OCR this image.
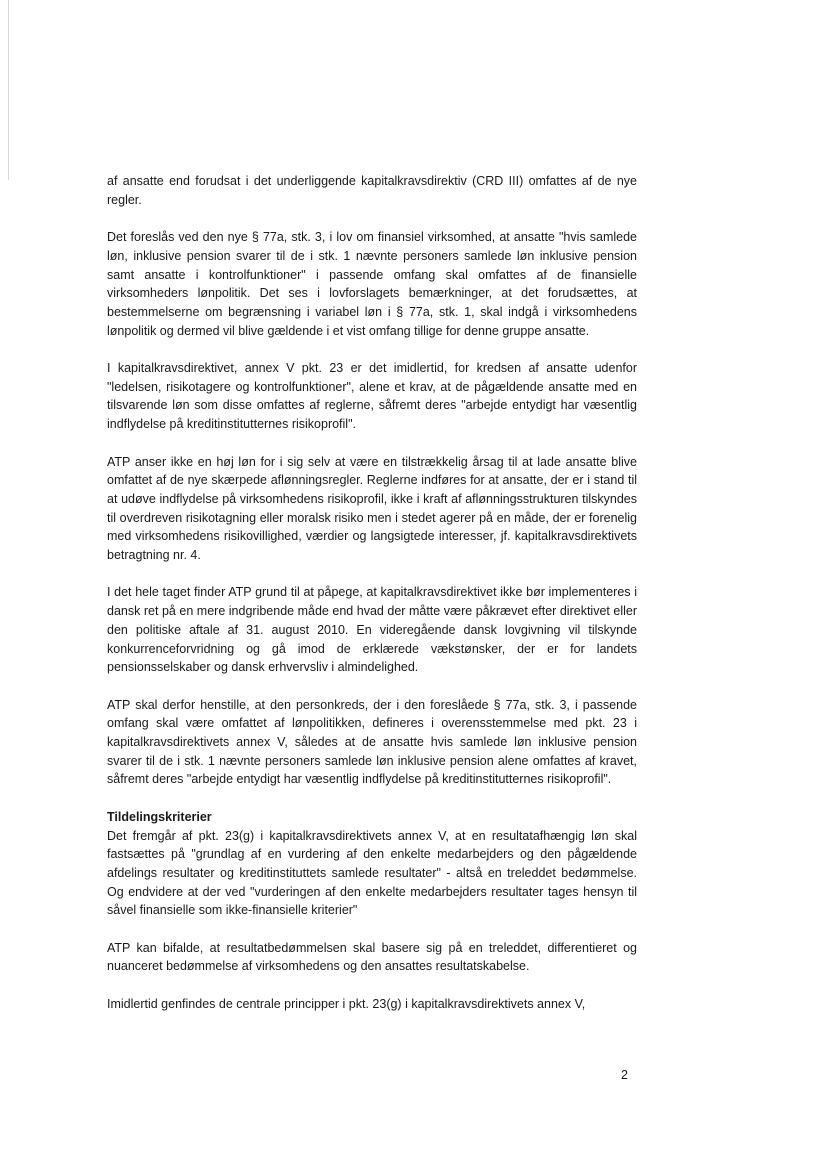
af ansatte end forudsat i det underliggende kapitalkravsdirektiv (CRD III) omfattes af de nye regler.

Det foreslås ved den nye § 77a, stk. 3, i lov om finansiel virksomhed, at ansatte "hvis samlede løn, inklusive pension svarer til de i stk. 1 nævnte personers samlede løn inklusive pension samt ansatte i kontrolfunktioner" i passende omfang skal omfattes af de finansielle virksomheders lønpolitik. Det ses i lovforslagets bemærkninger, at det forudsættes, at bestemmelserne om begrænsning i variabel løn i § 77a, stk. 1, skal indgå i virksomhedens lønpolitik og dermed vil blive gældende i et vist omfang tillige for denne gruppe ansatte.

I kapitalkravsdirektivet, annex V pkt. 23 er det imidlertid, for kredsen af ansatte udenfor "ledelsen, risikotagere og kontrolfunktioner", alene et krav, at de pågældende ansatte med en tilsvarende løn som disse omfattes af reglerne, såfremt deres "arbejde entydigt har væsentlig indflydelse på kreditinstitutternes risikoprofil".

ATP anser ikke en høj løn for i sig selv at være en tilstrækkelig årsag til at lade ansatte blive omfattet af de nye skærpede aflønningsregler. Reglerne indføres for at ansatte, der er i stand til at udøve indflydelse på virksomhedens risikoprofil, ikke i kraft af aflønningsstrukturen tilskyndes til overdreven risikotagning eller moralsk risiko men i stedet agerer på en måde, der er forenelig med virksomhedens risikovillighed, værdier og langsigtede interesser, jf. kapitalkravsdirektivets betragtning nr. 4.

I det hele taget finder ATP grund til at påpege, at kapitalkravsdirektivet ikke bør implementeres i dansk ret på en mere indgribende måde end hvad der måtte være påkrævet efter direktivet eller den politiske aftale af 31. august 2010. En videregående dansk lovgivning vil tilskynde konkurrenceforvridning og gå imod de erklærede vækstønsker, der er for landets pensionsselskaber og dansk erhvervsliv i almindelighed.

ATP skal derfor henstille, at den personkreds, der i den foreslåede § 77a, stk. 3, i passende omfang skal være omfattet af lønpolitikken, defineres i overensstemmelse med pkt. 23 i kapitalkravsdirektivets annex V, således at de ansatte hvis samlede løn inklusive pension svarer til de i stk. 1 nævnte personers samlede løn inklusive pension alene omfattes af kravet, såfremt deres "arbejde entydigt har væsentlig indflydelse på kreditinstitutternes risikoprofil".

Tildelingskriterier

Det fremgår af pkt. 23(g) i kapitalkravsdirektivets annex V, at en resultatafhængig løn skal fastsættes på "grundlag af en vurdering af den enkelte medarbejders og den pågældende afdelings resultater og kreditinstituttets samlede resultater" - altså en treleddet bedømmelse. Og endvidere at der ved "vurderingen af den enkelte medarbejders resultater tages hensyn til såvel finansielle som ikke-finansielle kriterier"

ATP kan bifalde, at resultatbedømmelsen skal basere sig på en treleddet, differentieret og nuanceret bedømmelse af virksomhedens og den ansattes resultatskabelse.

Imidlertid genfindes de centrale principper i pkt. 23(g) i kapitalkravsdirektivets annex V,

2
